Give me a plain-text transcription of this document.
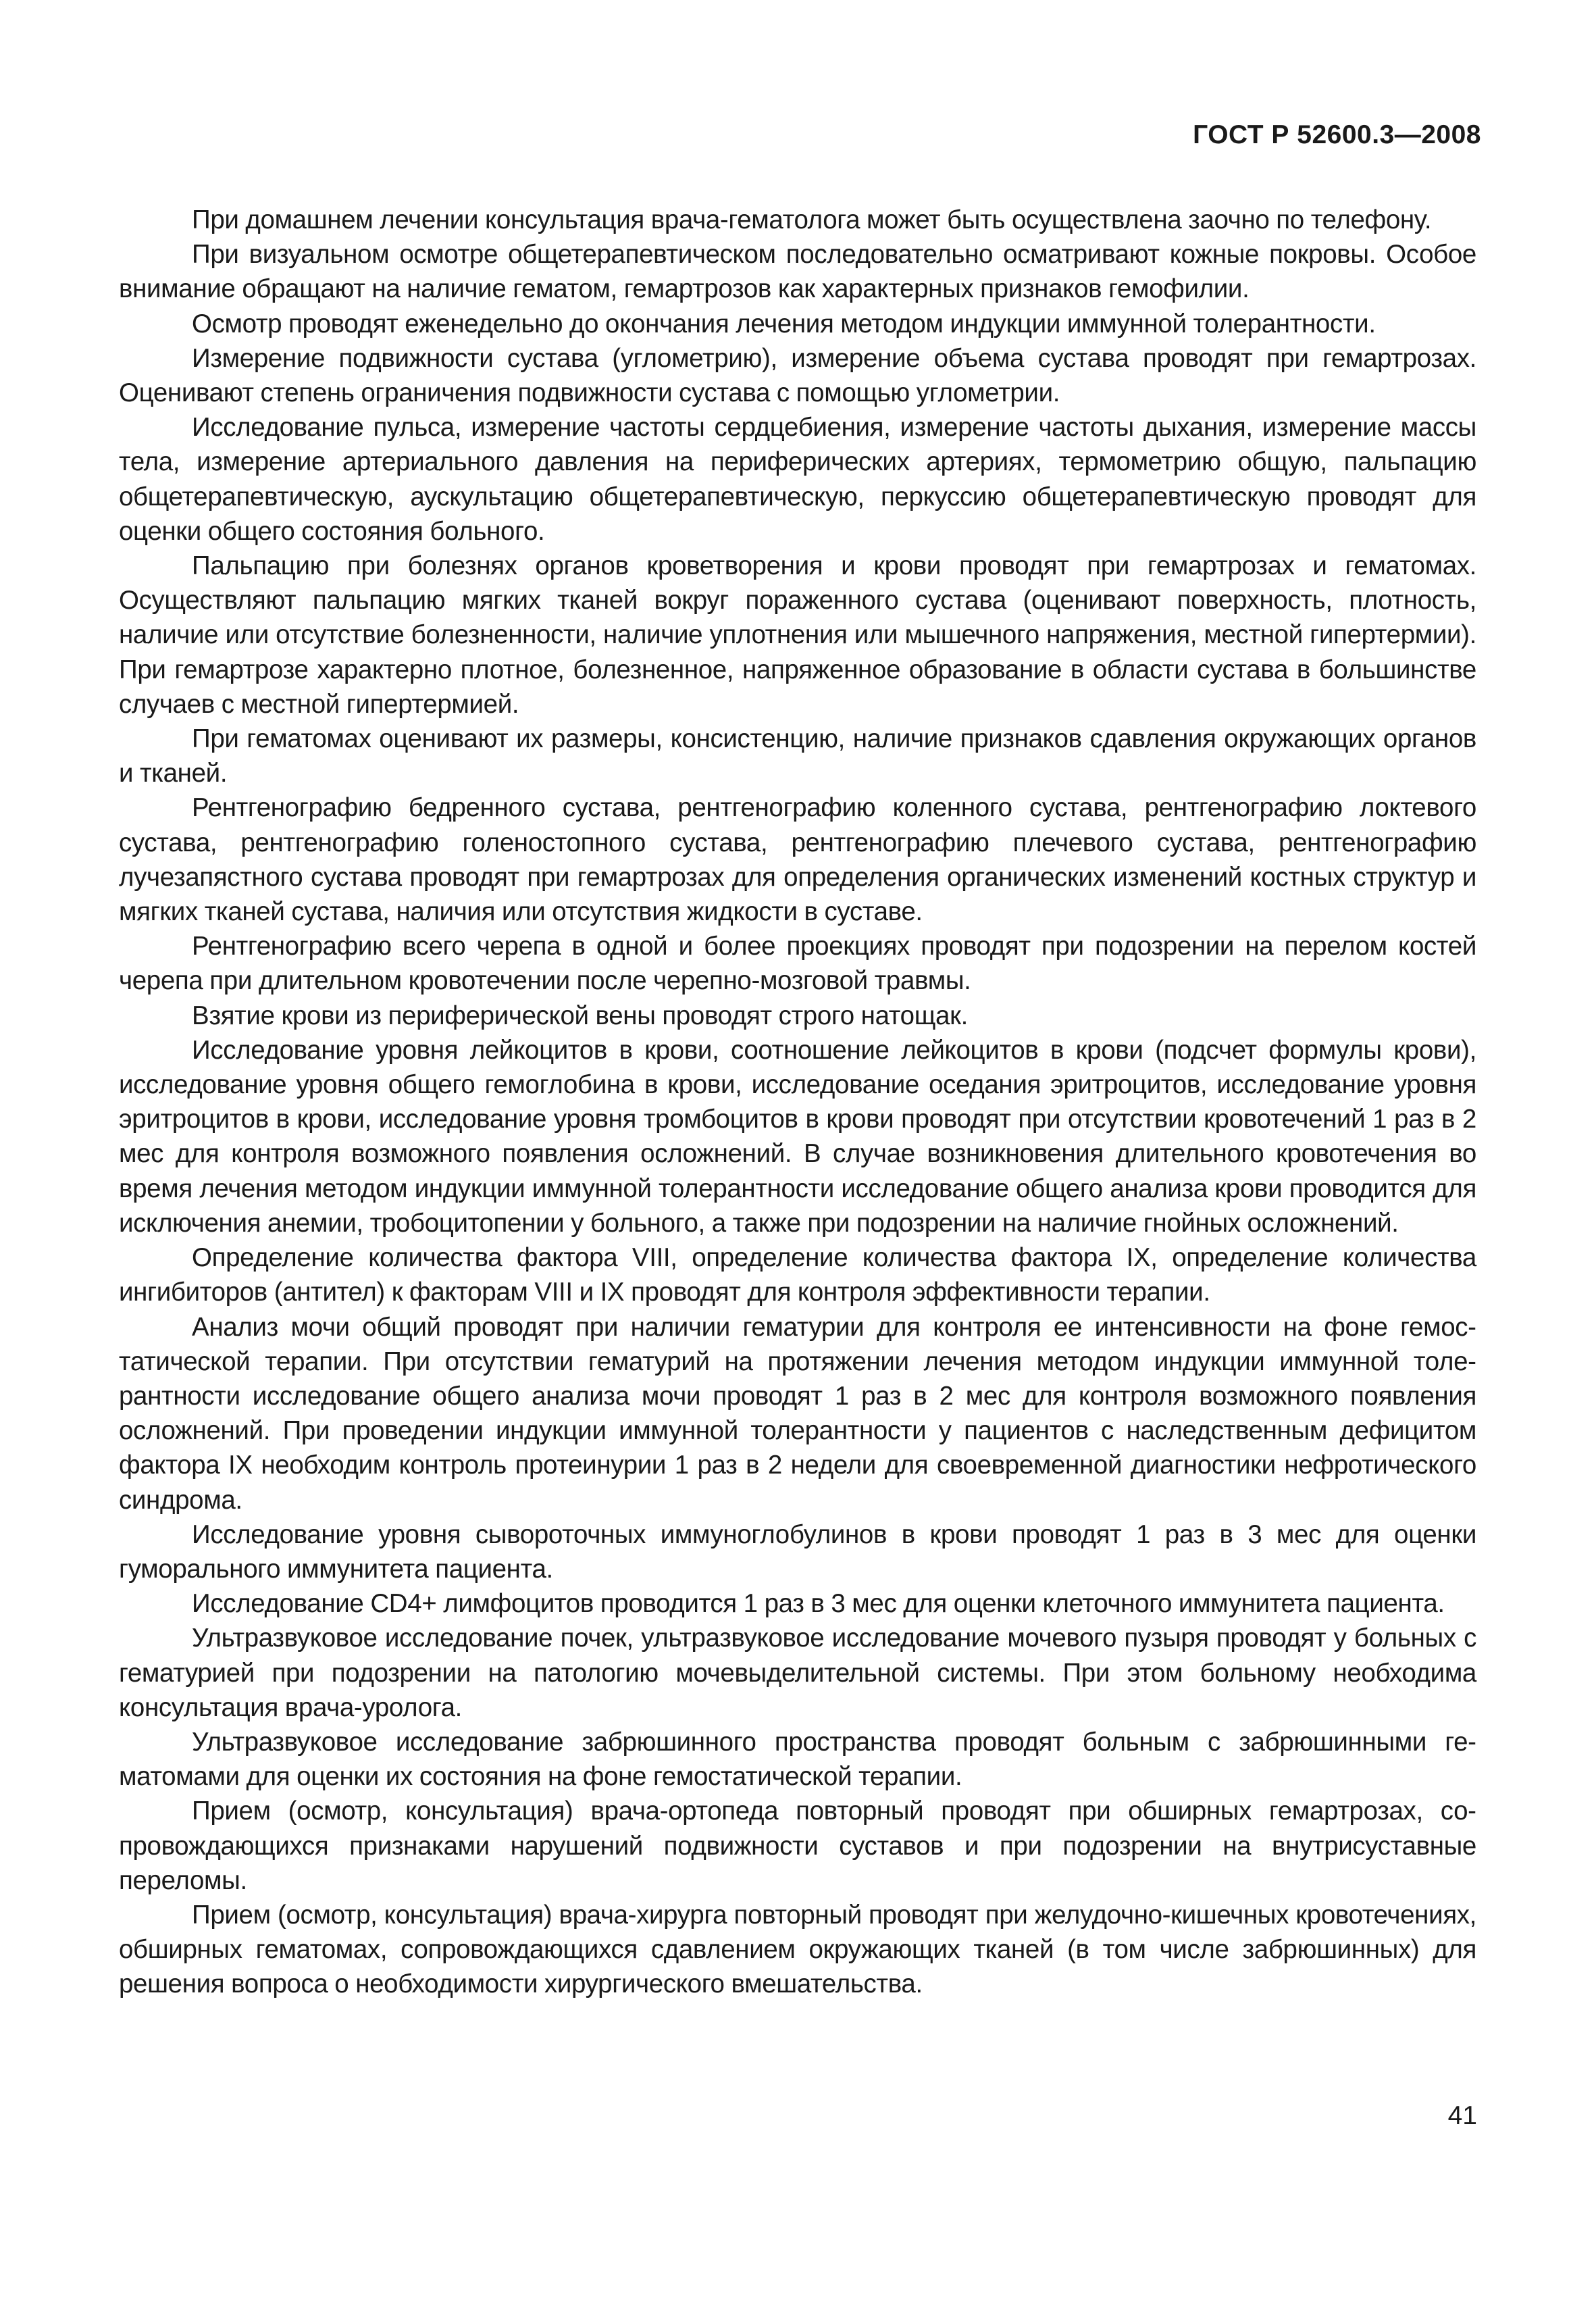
ГОСТ Р 52600.3—2008

При домашнем лечении консультация врача-гематолога может быть осуществлена заочно по телефону.

При визуальном осмотре общетерапевтическом последовательно осматривают кожные покровы. Особое внимание обращают на наличие гематом, гемартрозов как характерных признаков гемофилии.

Осмотр проводят еженедельно до окончания лечения методом индукции иммунной толерантности.

Измерение подвижности сустава (углометрию), измерение объема сустава проводят при гемартрозах. Оценивают степень ограничения подвижности сустава с помощью углометрии.

Исследование пульса, измерение частоты сердцебиения, измерение частоты дыхания, измерение массы тела, измерение артериального давления на периферических артериях, термометрию общую, пальпацию общетерапевтическую, аускультацию общетерапевтическую, перкуссию общетерапевтическую проводят для оценки общего состояния больного.

Пальпацию при болезнях органов кроветворения и крови проводят при гемартрозах и гематомах. Осуществляют пальпацию мягких тканей вокруг пораженного сустава (оценивают поверхность, плотность, наличие или отсутствие болезненности, наличие уплотнения или мышечного напряжения, местной гипертермии). При гемартрозе характерно плотное, болезненное, напряженное образование в области сустава в большинстве случаев с местной гипертермией.

При гематомах оценивают их размеры, консистенцию, наличие признаков сдавления окружающих органов и тканей.

Рентгенографию бедренного сустава, рентгенографию коленного сустава, рентгенографию локтевого сустава, рентгенографию голеностопного сустава, рентгенографию плечевого сустава, рентгенографию лучезапястного сустава проводят при гемартрозах для определения органических изменений костных структур и мягких тканей сустава, наличия или отсутствия жидкости в суставе.

Рентгенографию всего черепа в одной и более проекциях проводят при подозрении на перелом костей черепа при длительном кровотечении после черепно-мозговой травмы.

Взятие крови из периферической вены проводят строго натощак.

Исследование уровня лейкоцитов в крови, соотношение лейкоцитов в крови (подсчет формулы крови), исследование уровня общего гемоглобина в крови, исследование оседания эритроцитов, исследование уровня эритроцитов в крови, исследование уровня тромбоцитов в крови проводят при отсутствии кровотечений 1 раз в 2 мес для контроля возможного появления осложнений. В случае возникновения длительного кровотечения во время лечения методом индукции иммунной толерантности исследование общего анализа крови проводится для исключения анемии, тробоцитопении у больного, а также при подозрении на наличие гнойных осложнений.

Определение количества фактора VIII, определение количества фактора IX, определение количества ингибиторов (антител) к факторам VIII и IX проводят для контроля эффективности терапии.

Анализ мочи общий проводят при наличии гематурии для контроля ее интенсивности на фоне гемостатической терапии. При отсутствии гематурий на протяжении лечения методом индукции иммунной толерантности исследование общего анализа мочи проводят 1 раз в 2 мес для контроля возможного появления осложнений. При проведении индукции иммунной толерантности у пациентов с наследственным дефицитом фактора IX необходим контроль протеинурии 1 раз в 2 недели для своевременной диагностики нефротического синдрома.

Исследование уровня сывороточных иммуноглобулинов в крови проводят 1 раз в 3 мес для оценки гуморального иммунитета пациента.

Исследование CD4+ лимфоцитов проводится 1 раз в 3 мес для оценки клеточного иммунитета пациента.

Ультразвуковое исследование почек, ультразвуковое исследование мочевого пузыря проводят у больных с гематурией при подозрении на патологию мочевыделительной системы. При этом больному необходима консультация врача-уролога.

Ультразвуковое исследование забрюшинного пространства проводят больным с забрюшинными гематомами для оценки их состояния на фоне гемостатической терапии.

Прием (осмотр, консультация) врача-ортопеда повторный проводят при обширных гемартрозах, сопровождающихся признаками нарушений подвижности суставов и при подозрении на внутрисуставные переломы.

Прием (осмотр, консультация) врача-хирурга повторный проводят при желудочно-кишечных кровотечениях, обширных гематомах, сопровождающихся сдавлением окружающих тканей (в том числе забрюшинных) для решения вопроса о необходимости хирургического вмешательства.

41
